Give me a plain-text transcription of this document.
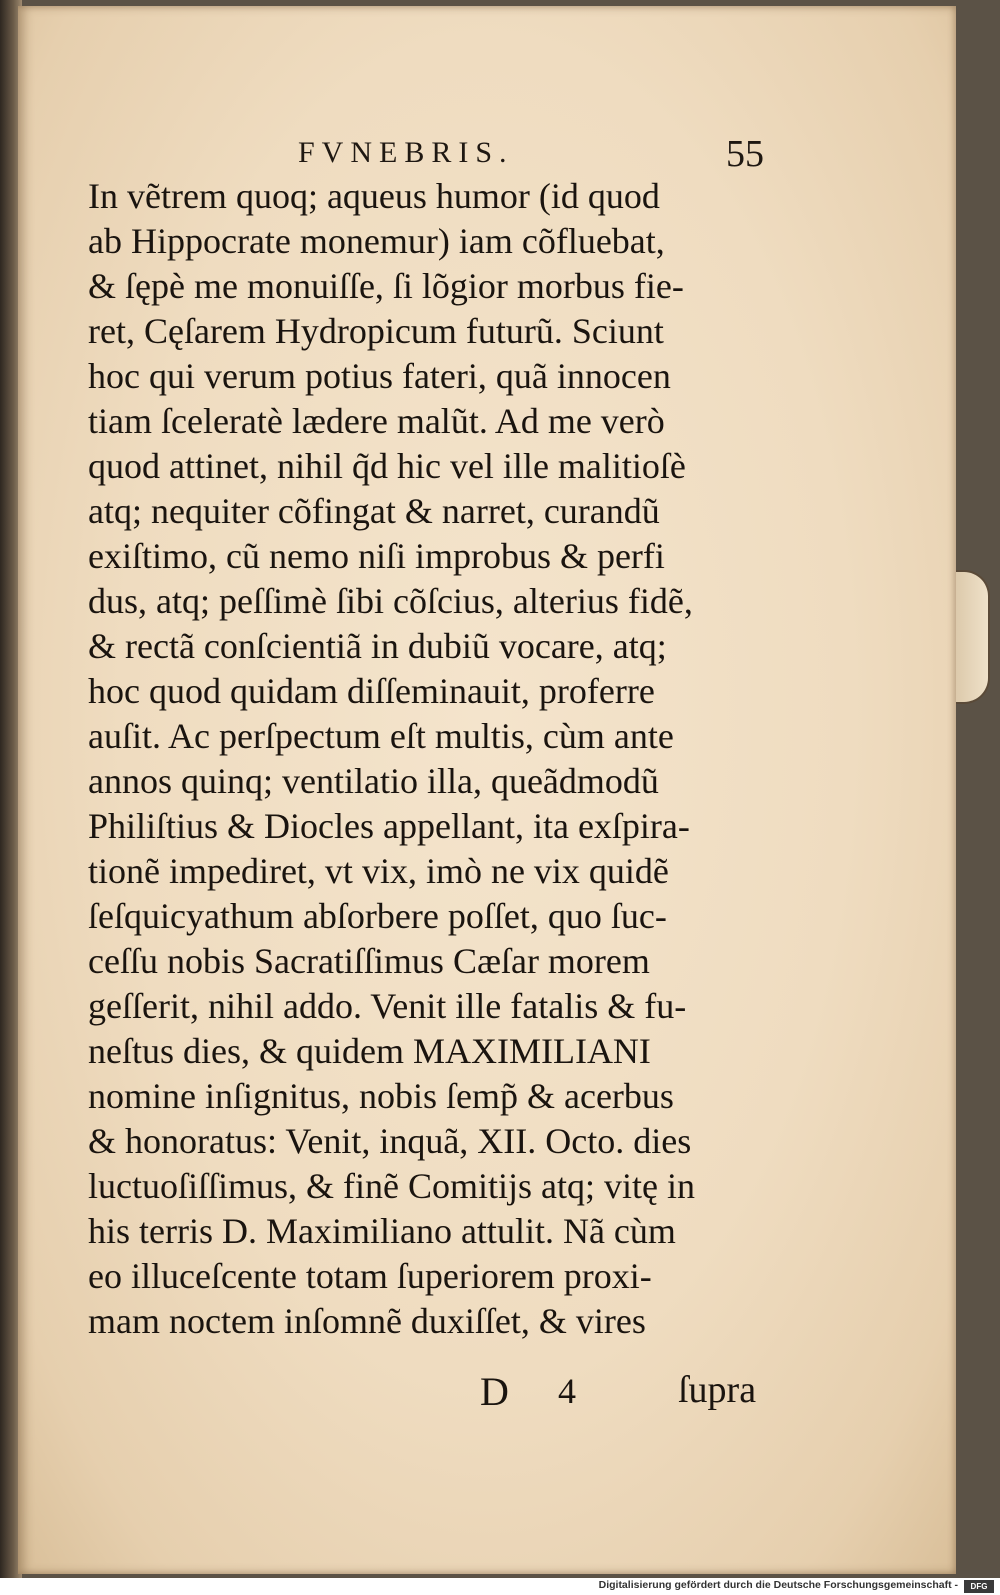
FVNEBRIS.	55
In vẽtrem quoq; aqueus humor (id quod
ab Hippocrate monemur) iam cõfluebat,
& ſępè me monuiſſe, ſi lõgior morbus fie-
ret, Cęſarem Hydropicum futurũ. Sciunt
hoc qui verum potius fateri, quã innocen
tiam ſceleratè lædere malũt. Ad me verò
quod attinet, nihil q̃d hic vel ille malitioſè
atq; nequiter cõfingat & narret, curandũ
exiſtimo, cũ nemo niſi improbus & perfi
dus, atq; peſſimè ſibi cõſcius, alterius fidẽ,
& rectã conſcientiã in dubiũ vocare, atq;
hoc quod quidam diſſeminauit, proferre
auſit. Ac perſpectum eſt multis, cùm ante
annos quinq; ventilatio illa, queãdmodũ
Philiſtius & Diocles appellant, ita exſpira-
tionẽ impediret, vt vix, imò ne vix quidẽ
ſeſquicyathum abſorbere poſſet, quo ſuc-
ceſſu nobis Sacratiſſimus Cæſar morem
geſſerit, nihil addo. Venit ille fatalis & fu-
neſtus dies, & quidem MAXIMILIANI
nomine inſignitus, nobis ſemp̃ & acerbus
& honoratus: Venit, inquã, XII. Octo. dies
luctuoſiſſimus, & finẽ Comitijs atq; vitę in
his terris D. Maximiliano attulit. Nã cùm
eo illuceſcente totam ſuperiorem proxi-
mam noctem inſomnẽ duxiſſet, & vires
D 4	ſupra
Digitalisierung gefördert durch die Deutsche Forschungsgemeinschaft -	DFG
